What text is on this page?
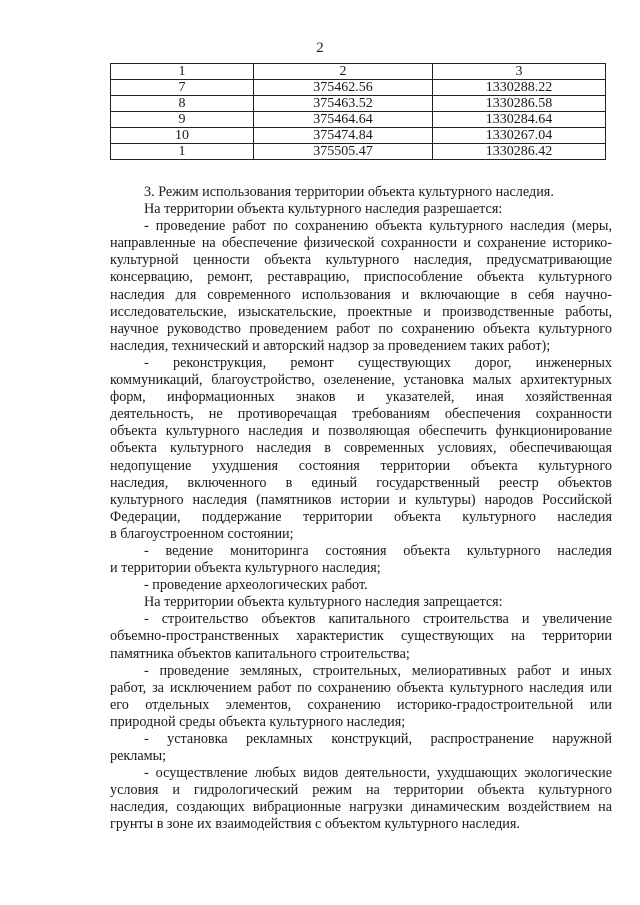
2
1	2	3
7	375462.56	1330288.22
8	375463.52	1330286.58
9	375464.64	1330284.64
10	375474.84	1330267.04
1	375505.47	1330286.42

3. Режим использования территории объекта культурного наследия.

На территории объекта культурного наследия разрешается:

- проведение работ по сохранению объекта культурного наследия (меры,

направленные на обеспечение физической сохранности и сохранение историко-

культурной ценности объекта культурного наследия, предусматривающие

консервацию, ремонт, реставрацию, приспособление объекта культурного

наследия для современного использования и включающие в себя научно-

исследовательские, изыскательские, проектные и производственные работы,

научное руководство проведением работ по сохранению объекта культурного

наследия, технический и авторский надзор за проведением таких работ);

- реконструкция, ремонт существующих дорог, инженерных

коммуникаций, благоустройство, озеленение, установка малых архитектурных

форм, информационных знаков и указателей, иная хозяйственная

деятельность, не противоречащая требованиям обеспечения сохранности

объекта культурного наследия и позволяющая обеспечить функционирование

объекта культурного наследия в современных условиях, обеспечивающая

недопущение ухудшения состояния территории объекта культурного

наследия, включенного в единый государственный реестр объектов

культурного наследия (памятников истории и культуры) народов Российской

Федерации, поддержание территории объекта культурного наследия

в благоустроенном состоянии;

- ведение мониторинга состояния объекта культурного наследия

и территории объекта культурного наследия;

- проведение археологических работ.

На территории объекта культурного наследия запрещается:

- строительство объектов капитального строительства и увеличение

объемно-пространственных характеристик существующих на территории

памятника объектов капитального строительства;

- проведение земляных, строительных, мелиоративных работ и иных

работ, за исключением работ по сохранению объекта культурного наследия или

его отдельных элементов, сохранению историко-градостроительной или

природной среды объекта культурного наследия;

- установка рекламных конструкций, распространение наружной

рекламы;

- осуществление любых видов деятельности, ухудшающих экологические

условия и гидрологический режим на территории объекта культурного

наследия, создающих вибрационные нагрузки динамическим воздействием на

грунты в зоне их взаимодействия с объектом культурного наследия.
